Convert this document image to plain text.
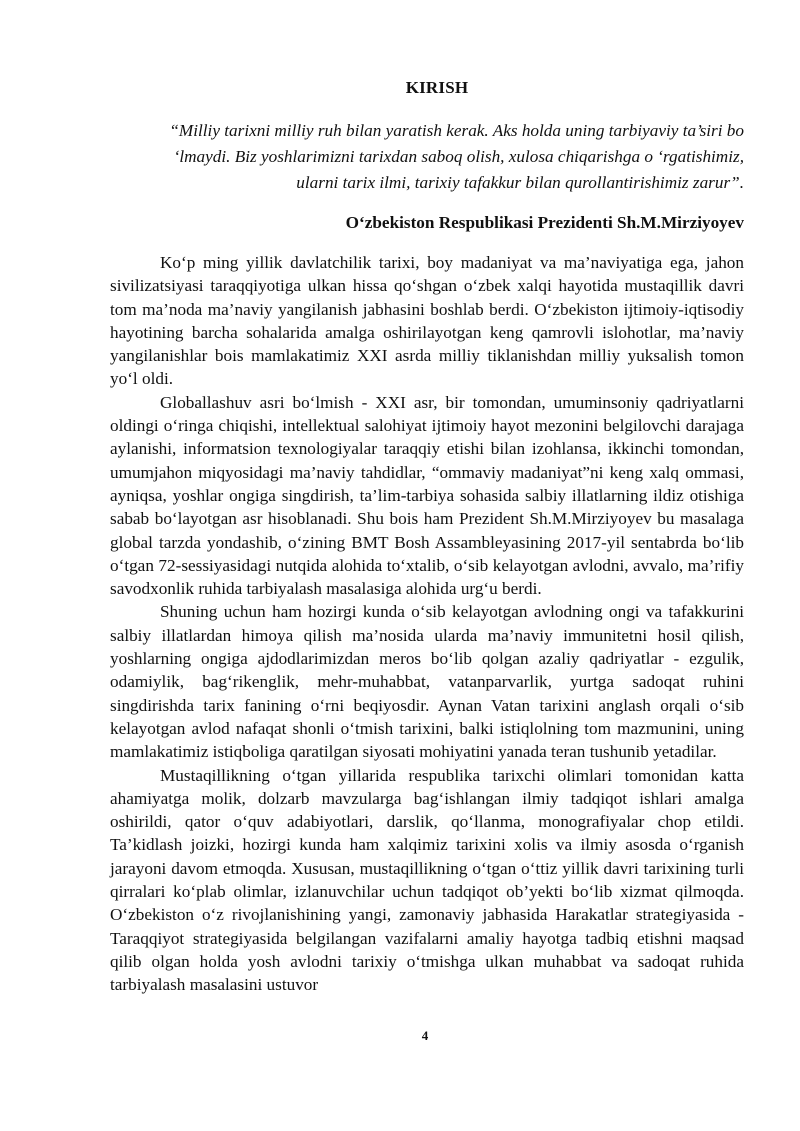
KIRISH

“Milliy tarixni milliy ruh bilan yaratish kerak. Aks holda uning tarbiyaviy ta’siri bo ‘lmaydi. Biz yoshlarimizni tarixdan saboq olish, xulosa chiqarishga o ‘rgatishimiz, ularni tarix ilmi, tarixiy tafakkur bilan qurollantirishimiz zarur”.

O‘zbekiston Respublikasi Prezidenti Sh.M.Mirziyoyev

Ko‘p ming yillik davlatchilik tarixi, boy madaniyat va ma’naviyatiga ega, jahon sivilizatsiyasi taraqqiyotiga ulkan hissa qo‘shgan o‘zbek xalqi hayotida mustaqillik davri tom ma’noda ma’naviy yangilanish jabhasini boshlab berdi. O‘zbekiston ijtimoiy-iqtisodiy hayotining barcha sohalarida amalga oshirilayotgan keng qamrovli islohotlar, ma’naviy yangilanishlar bois mamlakatimiz XXI asrda milliy tiklanishdan milliy yuksalish tomon yo‘l oldi.

Globallashuv asri bo‘lmish - XXI asr, bir tomondan, umuminsoniy qadriyatlarni oldingi o‘ringa chiqishi, intellektual salohiyat ijtimoiy hayot mezonini belgilovchi darajaga aylanishi, informatsion texnologiyalar taraqqiy etishi bilan izohlansa, ikkinchi tomondan, umumjahon miqyosidagi ma’naviy tahdidlar, “ommaviy madaniyat”ni keng xalq ommasi, ayniqsa, yoshlar ongiga singdirish, ta’lim-tarbiya sohasida salbiy illatlarning ildiz otishiga sabab bo‘layotgan asr hisoblanadi. Shu bois ham Prezident Sh.M.Mirziyoyev bu masalaga global tarzda yondashib, o‘zining BMT Bosh Assambleyasining 2017-yil sentabrda bo‘lib o‘tgan 72-sessiyasidagi nutqida alohida to‘xtalib, o‘sib kelayotgan avlodni, avvalo, ma’rifiy savodxonlik ruhida tarbiyalash masalasiga alohida urg‘u berdi.

Shuning uchun ham hozirgi kunda o‘sib kelayotgan avlodning ongi va tafakkurini salbiy illatlardan himoya qilish ma’nosida ularda ma’naviy immunitetni hosil qilish, yoshlarning ongiga ajdodlarimizdan meros bo‘lib qolgan azaliy qadriyatlar - ezgulik, odamiylik, bag‘rikenglik, mehr-muhabbat, vatanparvarlik, yurtga sadoqat ruhini singdirishda tarix fanining o‘rni beqiyosdir. Aynan Vatan tarixini anglash orqali o‘sib kelayotgan avlod nafaqat shonli o‘tmish tarixini, balki istiqlolning tom mazmunini, uning mamlakatimiz istiqboliga qaratilgan siyosati mohiyatini yanada teran tushunib yetadilar.

Mustaqillikning o‘tgan yillarida respublika tarixchi olimlari tomonidan katta ahamiyatga molik, dolzarb mavzularga bag‘ishlangan ilmiy tadqiqot ishlari amalga oshirildi, qator o‘quv adabiyotlari, darslik, qo‘llanma, monografiyalar chop etildi. Ta’kidlash joizki, hozirgi kunda ham xalqimiz tarixini xolis va ilmiy asosda o‘rganish jarayoni davom etmoqda. Xususan, mustaqillikning o‘tgan o‘ttiz yillik davri tarixining turli qirralari ko‘plab olimlar, izlanuvchilar uchun tadqiqot ob’yekti bo‘lib xizmat qilmoqda. O‘zbekiston o‘z rivojlanishining yangi, zamonaviy jabhasida Harakatlar strategiyasida - Taraqqiyot strategiyasida belgilangan vazifalarni amaliy hayotga tadbiq etishni maqsad qilib olgan holda yosh avlodni tarixiy o‘tmishga ulkan muhabbat va sadoqat ruhida tarbiyalash masalasini ustuvor

4
